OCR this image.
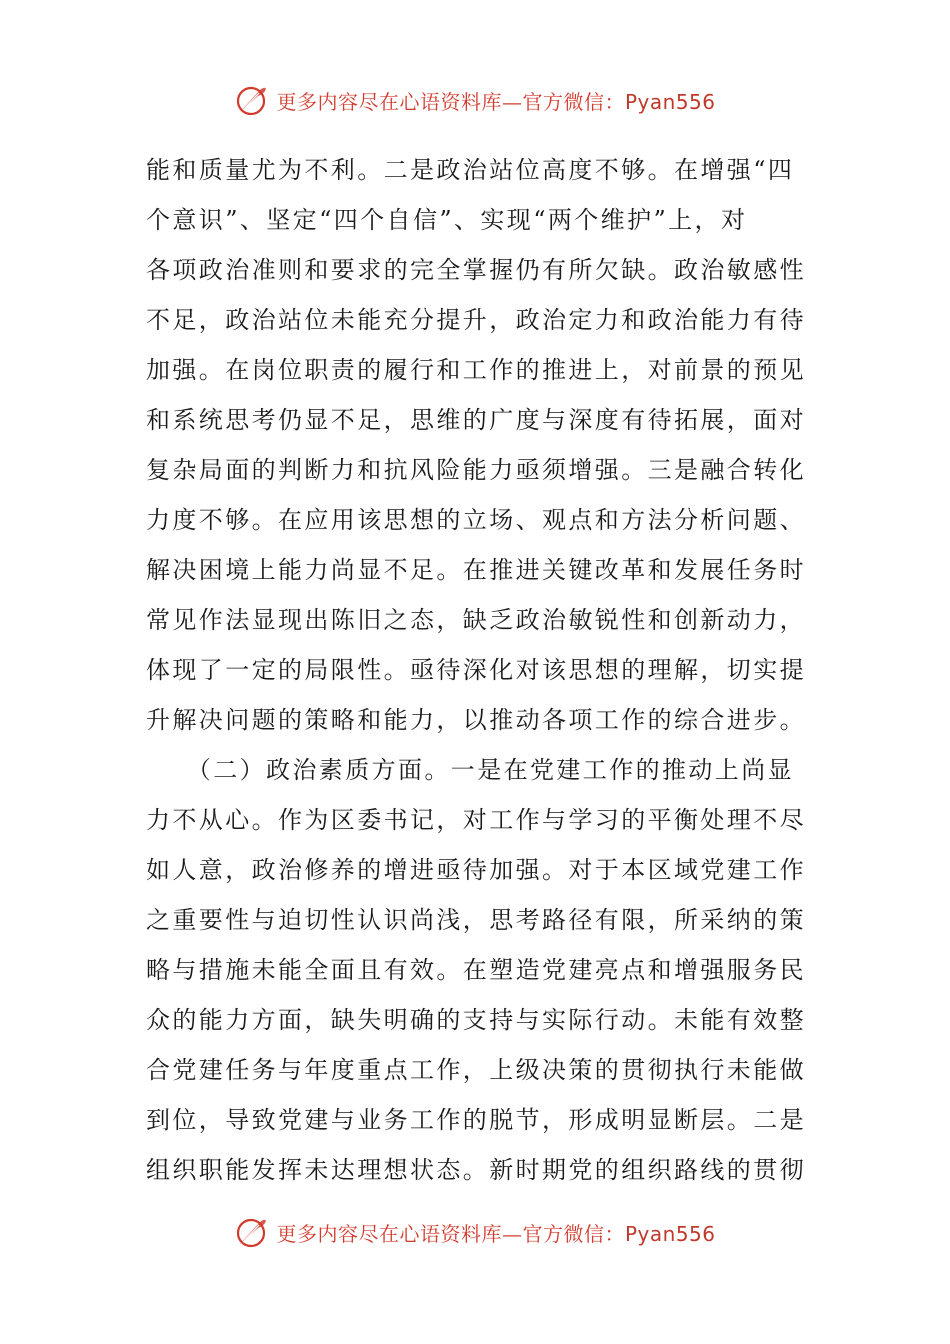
更多内容尽在心语资料库—官方微信：Pyan556
能和质量尤为不利。二是政治站位高度不够。在增强“四
个意识”、坚定“四个自信”、实现“两个维护”上，对
各项政治准则和要求的完全掌握仍有所欠缺。政治敏感性
不足，政治站位未能充分提升，政治定力和政治能力有待
加强。在岗位职责的履行和工作的推进上，对前景的预见
和系统思考仍显不足，思维的广度与深度有待拓展，面对
复杂局面的判断力和抗风险能力亟须增强。三是融合转化
力度不够。在应用该思想的立场、观点和方法分析问题、
解决困境上能力尚显不足。在推进关键改革和发展任务时
常见作法显现出陈旧之态，缺乏政治敏锐性和创新动力，
体现了一定的局限性。亟待深化对该思想的理解，切实提
升解决问题的策略和能力，以推动各项工作的综合进步。
　　（二）政治素质方面。一是在党建工作的推动上尚显
力不从心。作为区委书记，对工作与学习的平衡处理不尽
如人意，政治修养的增进亟待加强。对于本区域党建工作
之重要性与迫切性认识尚浅，思考路径有限，所采纳的策
略与措施未能全面且有效。在塑造党建亮点和增强服务民
众的能力方面，缺失明确的支持与实际行动。未能有效整
合党建任务与年度重点工作，上级决策的贯彻执行未能做
到位，导致党建与业务工作的脱节，形成明显断层。二是
组织职能发挥未达理想状态。新时期党的组织路线的贯彻
更多内容尽在心语资料库—官方微信：Pyan556
